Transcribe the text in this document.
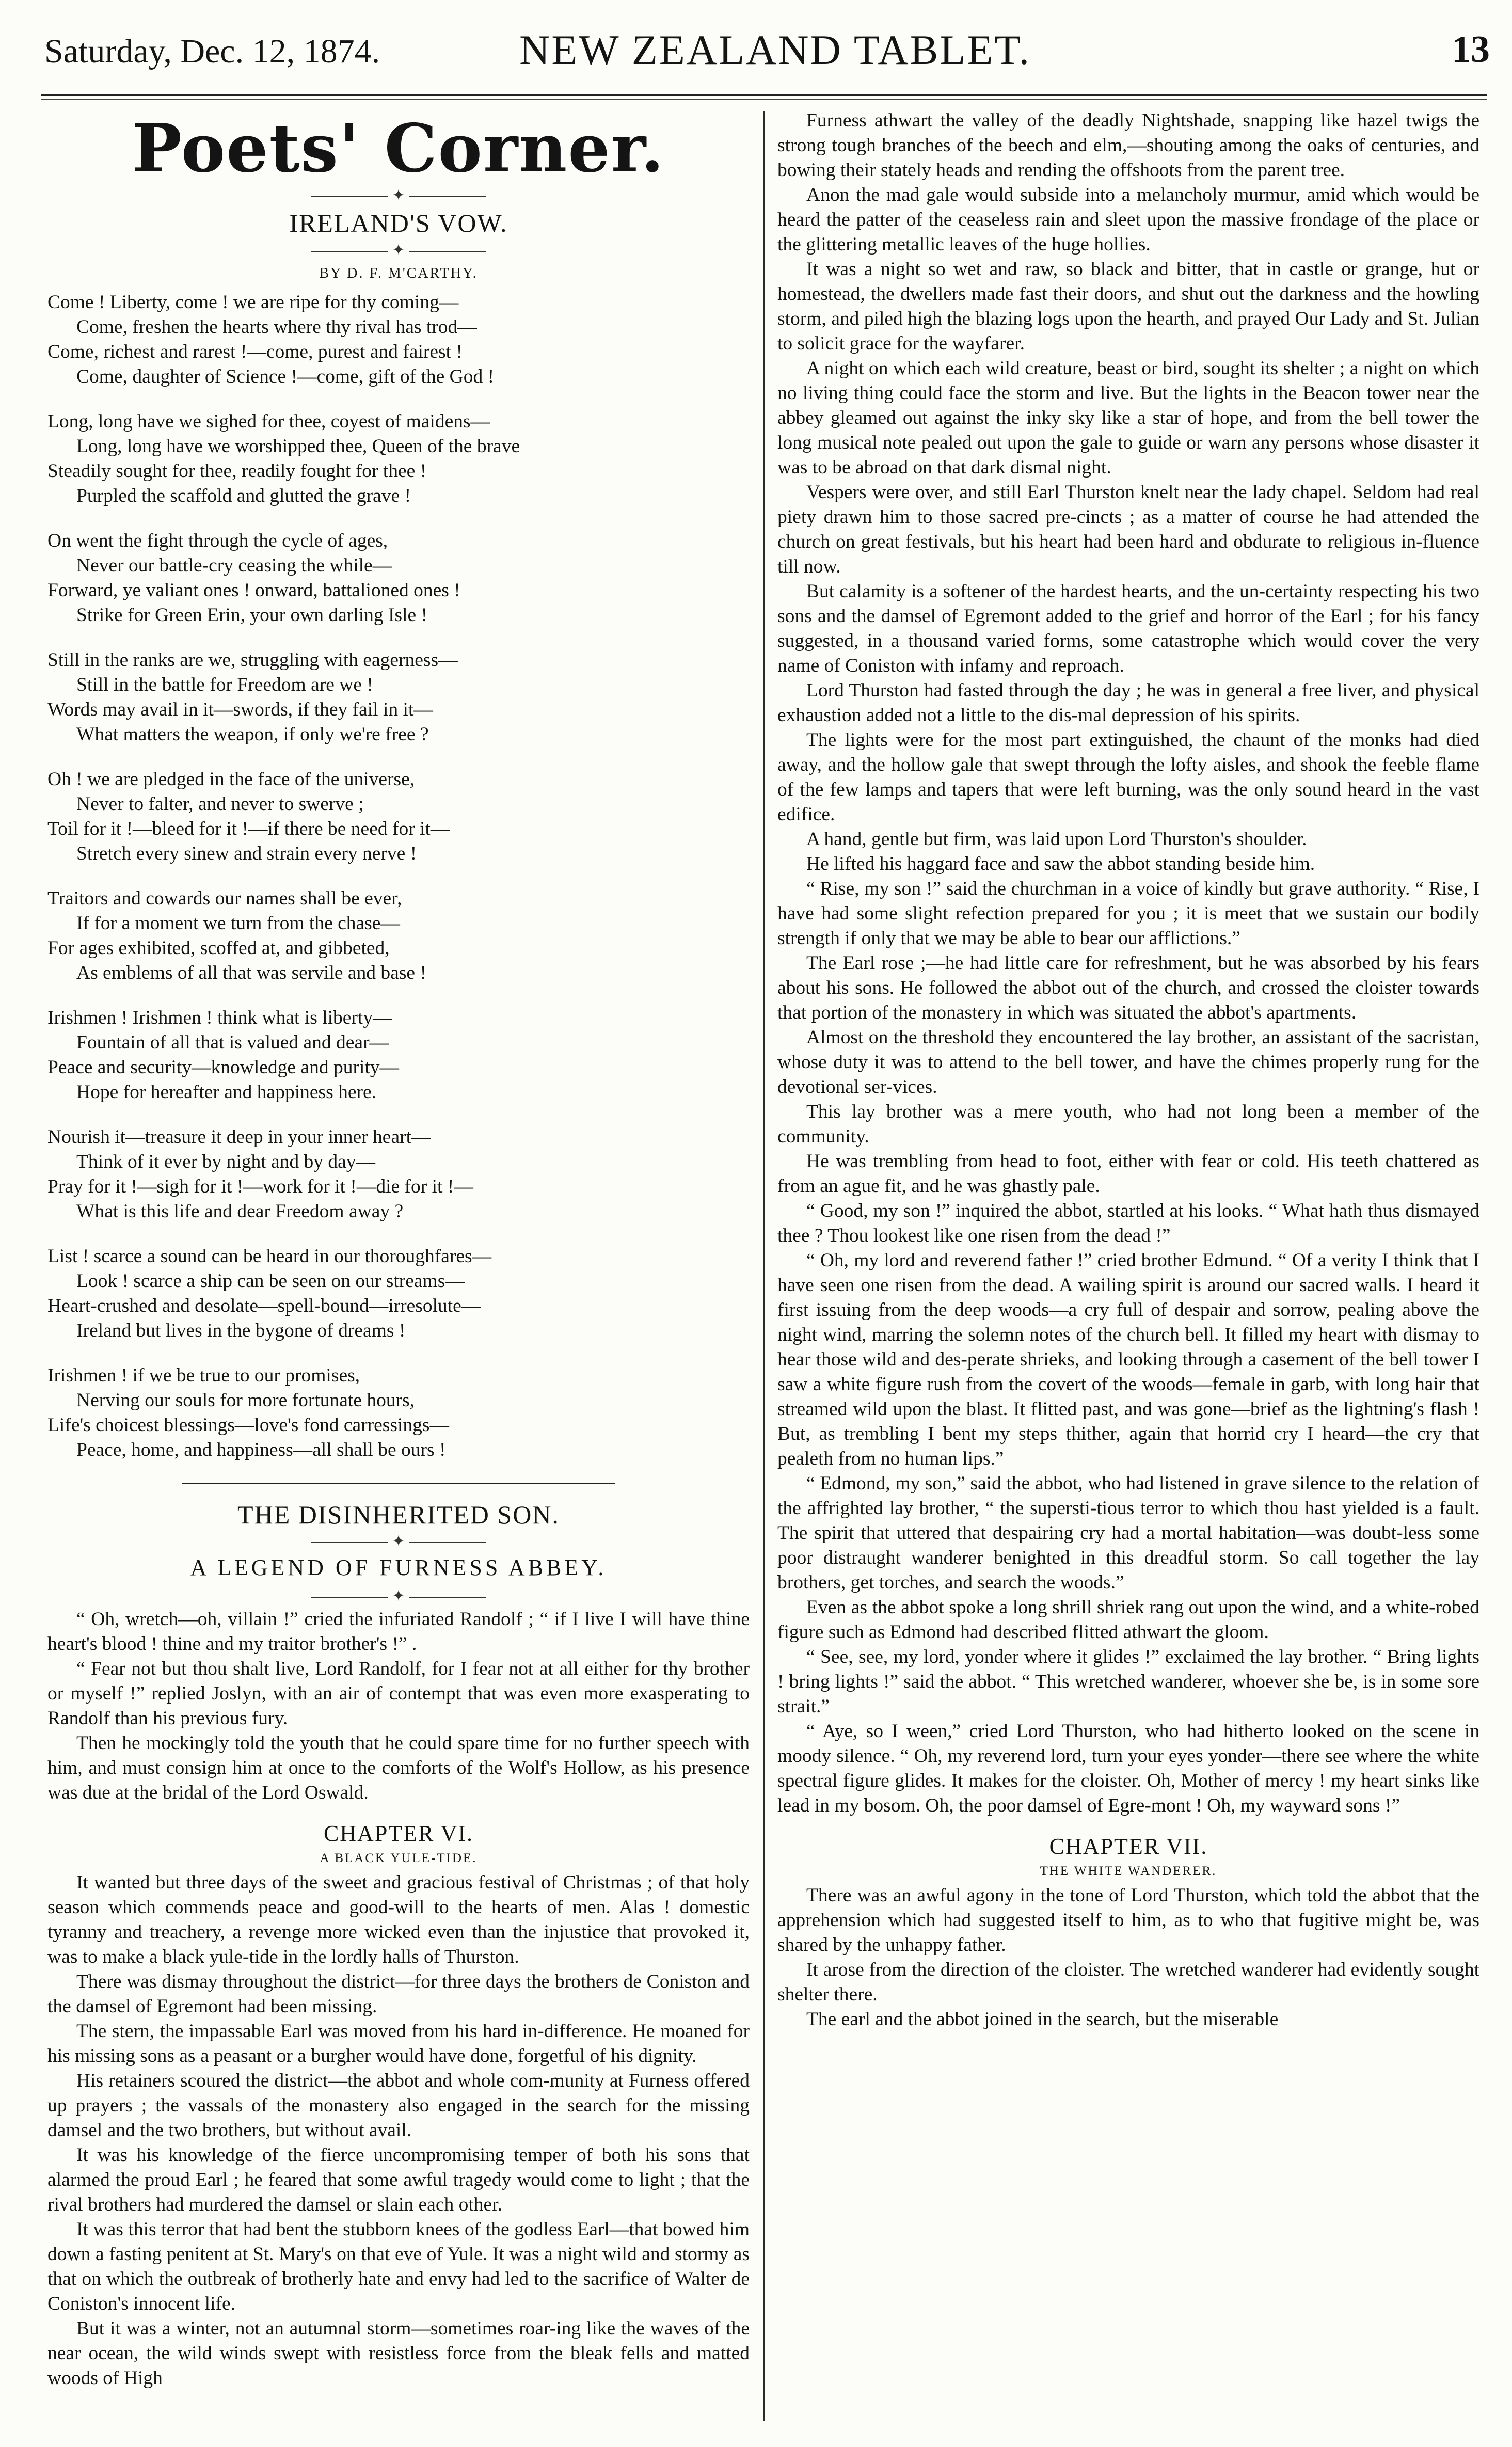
Saturday, Dec. 12, 1874.	NEW ZEALAND TABLET.	13
Poets' Corner.
✦
IRELAND'S VOW.
✦
BY D. F. M'CARTHY.
Come ! Liberty, come ! we are ripe for thy coming—
Come, freshen the hearts where thy rival has trod—
Come, richest and rarest !—come, purest and fairest !
Come, daughter of Science !—come, gift of the God !
Long, long have we sighed for thee, coyest of maidens—
Long, long have we worshipped thee, Queen of the brave
Steadily sought for thee, readily fought for thee !
Purpled the scaffold and glutted the grave !
On went the fight through the cycle of ages,
Never our battle-cry ceasing the while—
Forward, ye valiant ones ! onward, battalioned ones !
Strike for Green Erin, your own darling Isle !
Still in the ranks are we, struggling with eagerness—
Still in the battle for Freedom are we !
Words may avail in it—swords, if they fail in it—
What matters the weapon, if only we're free ?
Oh ! we are pledged in the face of the universe,
Never to falter, and never to swerve ;
Toil for it !—bleed for it !—if there be need for it—
Stretch every sinew and strain every nerve !
Traitors and cowards our names shall be ever,
If for a moment we turn from the chase—
For ages exhibited, scoffed at, and gibbeted,
As emblems of all that was servile and base !
Irishmen ! Irishmen ! think what is liberty—
Fountain of all that is valued and dear—
Peace and security—knowledge and purity—
Hope for hereafter and happiness here.
Nourish it—treasure it deep in your inner heart—
Think of it ever by night and by day—
Pray for it !—sigh for it !—work for it !—die for it !—
What is this life and dear Freedom away ?
List ! scarce a sound can be heard in our thoroughfares—
Look ! scarce a ship can be seen on our streams—
Heart-crushed and desolate—spell-bound—irresolute—
Ireland but lives in the bygone of dreams !
Irishmen ! if we be true to our promises,
Nerving our souls for more fortunate hours,
Life's choicest blessings—love's fond carressings—
Peace, home, and happiness—all shall be ours !
THE DISINHERITED SON.
✦
A LEGEND OF FURNESS ABBEY.
✦

“ Oh, wretch—oh, villain !” cried the infuriated Randolf ; “ if I live I will have thine heart's blood ! thine and my traitor brother's !” .

“ Fear not but thou shalt live, Lord Randolf, for I fear not at all either for thy brother or myself !” replied Joslyn, with an air of contempt that was even more exasperating to Randolf than his previous fury.

Then he mockingly told the youth that he could spare time for no further speech with him, and must consign him at once to the comforts of the Wolf's Hollow, as his presence was due at the bridal of the Lord Oswald.

CHAPTER VI.
A BLACK YULE-TIDE.

It wanted but three days of the sweet and gracious festival of Christmas ; of that holy season which commends peace and good-will to the hearts of men. Alas ! domestic tyranny and treachery, a revenge more wicked even than the injustice that provoked it, was to make a black yule-tide in the lordly halls of Thurston.

There was dismay throughout the district—for three days the brothers de Coniston and the damsel of Egremont had been missing.

The stern, the impassable Earl was moved from his hard in-difference. He moaned for his missing sons as a peasant or a burgher would have done, forgetful of his dignity.

His retainers scoured the district—the abbot and whole com-munity at Furness offered up prayers ; the vassals of the monastery also engaged in the search for the missing damsel and the two brothers, but without avail.

It was his knowledge of the fierce uncompromising temper of both his sons that alarmed the proud Earl ; he feared that some awful tragedy would come to light ; that the rival brothers had murdered the damsel or slain each other.

It was this terror that had bent the stubborn knees of the godless Earl—that bowed him down a fasting penitent at St. Mary's on that eve of Yule. It was a night wild and stormy as that on which the outbreak of brotherly hate and envy had led to the sacrifice of Walter de Coniston's innocent life.

But it was a winter, not an autumnal storm—sometimes roar-ing like the waves of the near ocean, the wild winds swept with resistless force from the bleak fells and matted woods of High

Furness athwart the valley of the deadly Nightshade, snapping like hazel twigs the strong tough branches of the beech and elm,—shouting among the oaks of centuries, and bowing their stately heads and rending the offshoots from the parent tree.

Anon the mad gale would subside into a melancholy murmur, amid which would be heard the patter of the ceaseless rain and sleet upon the massive frondage of the place or the glittering metallic leaves of the huge hollies.

It was a night so wet and raw, so black and bitter, that in castle or grange, hut or homestead, the dwellers made fast their doors, and shut out the darkness and the howling storm, and piled high the blazing logs upon the hearth, and prayed Our Lady and St. Julian to solicit grace for the wayfarer.

A night on which each wild creature, beast or bird, sought its shelter ; a night on which no living thing could face the storm and live. But the lights in the Beacon tower near the abbey gleamed out against the inky sky like a star of hope, and from the bell tower the long musical note pealed out upon the gale to guide or warn any persons whose disaster it was to be abroad on that dark dismal night.

Vespers were over, and still Earl Thurston knelt near the lady chapel. Seldom had real piety drawn him to those sacred pre-cincts ; as a matter of course he had attended the church on great festivals, but his heart had been hard and obdurate to religious in-fluence till now.

But calamity is a softener of the hardest hearts, and the un-certainty respecting his two sons and the damsel of Egremont added to the grief and horror of the Earl ; for his fancy suggested, in a thousand varied forms, some catastrophe which would cover the very name of Coniston with infamy and reproach.

Lord Thurston had fasted through the day ; he was in general a free liver, and physical exhaustion added not a little to the dis-mal depression of his spirits.

The lights were for the most part extinguished, the chaunt of the monks had died away, and the hollow gale that swept through the lofty aisles, and shook the feeble flame of the few lamps and tapers that were left burning, was the only sound heard in the vast edifice.

A hand, gentle but firm, was laid upon Lord Thurston's shoulder.

He lifted his haggard face and saw the abbot standing beside him.

“ Rise, my son !” said the churchman in a voice of kindly but grave authority. “ Rise, I have had some slight refection prepared for you ; it is meet that we sustain our bodily strength if only that we may be able to bear our afflictions.”

The Earl rose ;—he had little care for refreshment, but he was absorbed by his fears about his sons. He followed the abbot out of the church, and crossed the cloister towards that portion of the monastery in which was situated the abbot's apartments.

Almost on the threshold they encountered the lay brother, an assistant of the sacristan, whose duty it was to attend to the bell tower, and have the chimes properly rung for the devotional ser-vices.

This lay brother was a mere youth, who had not long been a member of the community.

He was trembling from head to foot, either with fear or cold. His teeth chattered as from an ague fit, and he was ghastly pale.

“ Good, my son !” inquired the abbot, startled at his looks. “ What hath thus dismayed thee ? Thou lookest like one risen from the dead !”

“ Oh, my lord and reverend father !” cried brother Edmund. “ Of a verity I think that I have seen one risen from the dead. A wailing spirit is around our sacred walls. I heard it first issuing from the deep woods—a cry full of despair and sorrow, pealing above the night wind, marring the solemn notes of the church bell. It filled my heart with dismay to hear those wild and des-perate shrieks, and looking through a casement of the bell tower I saw a white figure rush from the covert of the woods—female in garb, with long hair that streamed wild upon the blast. It flitted past, and was gone—brief as the lightning's flash ! But, as trembling I bent my steps thither, again that horrid cry I heard—the cry that pealeth from no human lips.”

“ Edmond, my son,” said the abbot, who had listened in grave silence to the relation of the affrighted lay brother, “ the supersti-tious terror to which thou hast yielded is a fault. The spirit that uttered that despairing cry had a mortal habitation—was doubt-less some poor distraught wanderer benighted in this dreadful storm. So call together the lay brothers, get torches, and search the woods.”

Even as the abbot spoke a long shrill shriek rang out upon the wind, and a white-robed figure such as Edmond had described flitted athwart the gloom.

“ See, see, my lord, yonder where it glides !” exclaimed the lay brother. “ Bring lights ! bring lights !” said the abbot. “ This wretched wanderer, whoever she be, is in some sore strait.”

“ Aye, so I ween,” cried Lord Thurston, who had hitherto looked on the scene in moody silence. “ Oh, my reverend lord, turn your eyes yonder—there see where the white spectral figure glides. It makes for the cloister. Oh, Mother of mercy ! my heart sinks like lead in my bosom. Oh, the poor damsel of Egre-mont ! Oh, my wayward sons !”

CHAPTER VII.
THE WHITE WANDERER.

There was an awful agony in the tone of Lord Thurston, which told the abbot that the apprehension which had suggested itself to him, as to who that fugitive might be, was shared by the unhappy father.

It arose from the direction of the cloister. The wretched wanderer had evidently sought shelter there.

The earl and the abbot joined in the search, but the miserable
